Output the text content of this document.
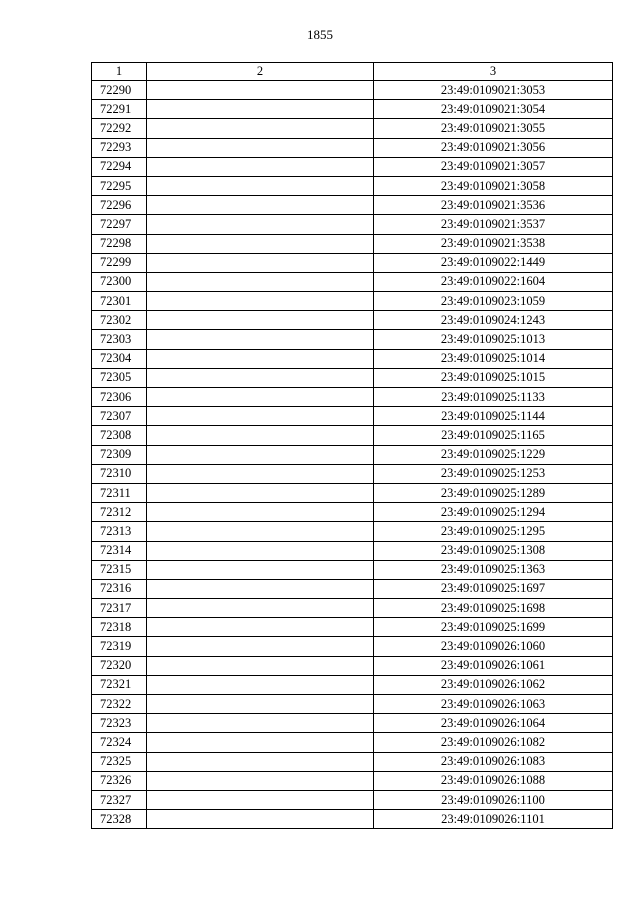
1855
1	2	3
72290		23:49:0109021:3053
72291		23:49:0109021:3054
72292		23:49:0109021:3055
72293		23:49:0109021:3056
72294		23:49:0109021:3057
72295		23:49:0109021:3058
72296		23:49:0109021:3536
72297		23:49:0109021:3537
72298		23:49:0109021:3538
72299		23:49:0109022:1449
72300		23:49:0109022:1604
72301		23:49:0109023:1059
72302		23:49:0109024:1243
72303		23:49:0109025:1013
72304		23:49:0109025:1014
72305		23:49:0109025:1015
72306		23:49:0109025:1133
72307		23:49:0109025:1144
72308		23:49:0109025:1165
72309		23:49:0109025:1229
72310		23:49:0109025:1253
72311		23:49:0109025:1289
72312		23:49:0109025:1294
72313		23:49:0109025:1295
72314		23:49:0109025:1308
72315		23:49:0109025:1363
72316		23:49:0109025:1697
72317		23:49:0109025:1698
72318		23:49:0109025:1699
72319		23:49:0109026:1060
72320		23:49:0109026:1061
72321		23:49:0109026:1062
72322		23:49:0109026:1063
72323		23:49:0109026:1064
72324		23:49:0109026:1082
72325		23:49:0109026:1083
72326		23:49:0109026:1088
72327		23:49:0109026:1100
72328		23:49:0109026:1101
